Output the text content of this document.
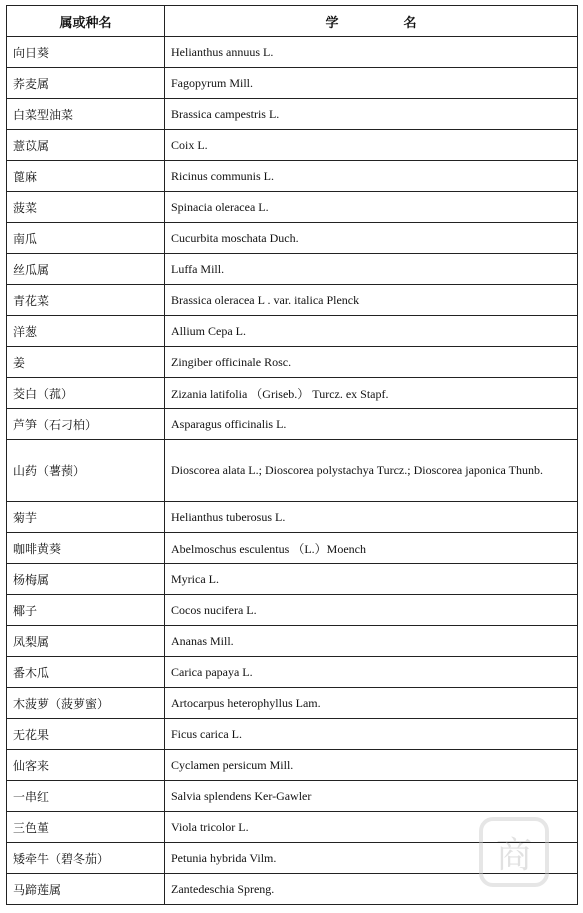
属或种名	学　　　　　名
向日葵	Helianthus annuus L.
荞麦属	Fagopyrum Mill.
白菜型油菜	Brassica campestris L.
薏苡属	Coix L.
蓖麻	Ricinus communis L.
菠菜	Spinacia oleracea L.
南瓜	Cucurbita moschata Duch.
丝瓜属	Luffa Mill.
青花菜	Brassica oleracea L . var. italica Plenck
洋葱	Allium Cepa L.
姜	Zingiber officinale Rosc.
茭白（菰）	Zizania latifolia （Griseb.） Turcz. ex Stapf.
芦笋（石刁柏）	Asparagus officinalis L.
山药（薯蓣）	Dioscorea alata L.; Dioscorea polystachya Turcz.; Dioscorea japonica Thunb.
菊芋	Helianthus tuberosus L.
咖啡黄葵	Abelmoschus esculentus （L.）Moench
杨梅属	Myrica L.
椰子	Cocos nucifera L.
凤梨属	Ananas Mill.
番木瓜	Carica papaya L.
木菠萝（菠萝蜜）	Artocarpus heterophyllus Lam.
无花果	Ficus carica L.
仙客来	Cyclamen persicum Mill.
一串红	Salvia splendens Ker-Gawler
三色堇	Viola tricolor L.
矮牵牛（碧冬茄）	Petunia hybrida Vilm.
马蹄莲属	Zantedeschia Spreng.
商
